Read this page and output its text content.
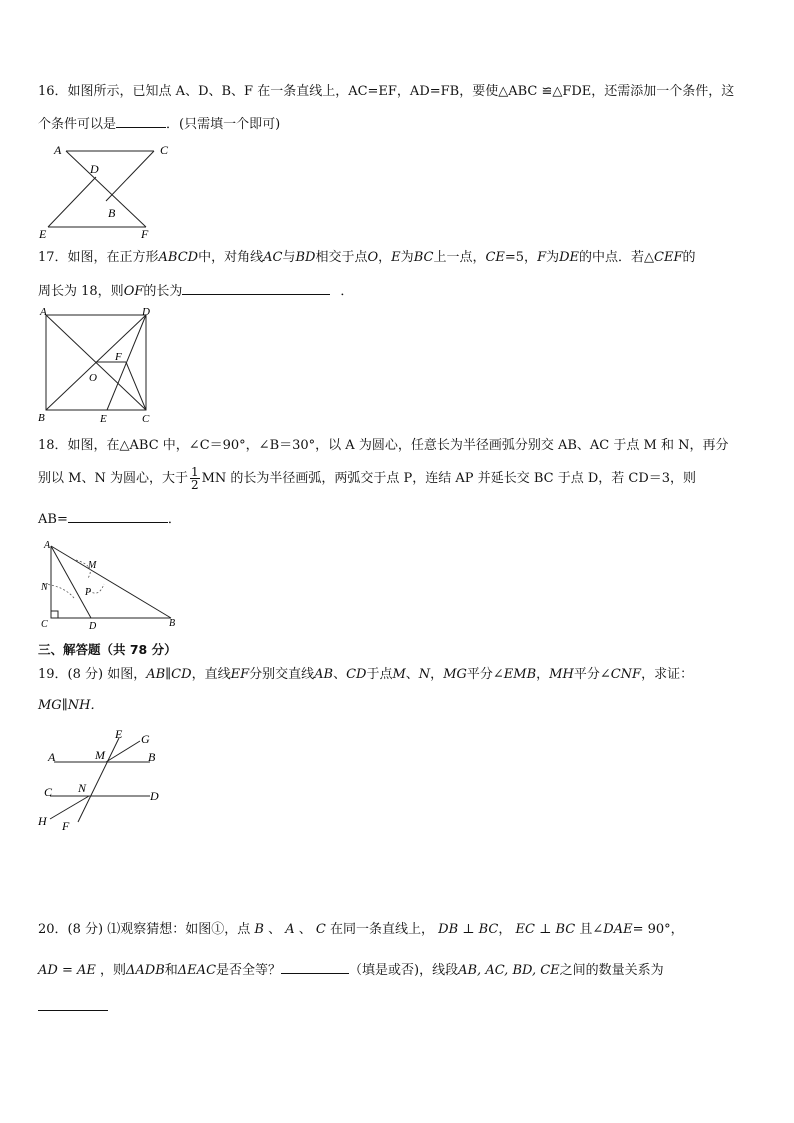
16．如图所示，已知点 A、D、B、F 在一条直线上，AC=EF，AD=FB，要使△ABC ≌△FDE，还需添加一个条件，这
个条件可以是	．(只需填一个即可)
A	C
D
B
E	F
17．如图，在正方形ABCD中，对角线AC与BD相交于点O，E为BC上一点，CE=5，F为DE的中点．若△CEF的
周长为 18，则OF的长为	．
A	D
F
O
B	E	C
18．如图，在△ABC 中，∠C＝90°，∠B＝30°，以 A 为圆心，任意长为半径画弧分别交 AB、AC 于点 M 和 N，再分
别以 M、N 为圆心，大于 $\frac{1}{2}$ MN 的长为半径画弧，两弧交于点 P，连结 AP 并延长交 BC 于点 D，若 CD＝3，则
AB=	．
A
M
N	P
C	D	B
三、解答题（共 78 分）
19．(8 分) 如图，AB∥CD，直线EF分别交直线AB、CD于点M、N，MG平分∠EMB，MH平分∠CNF，求证：
MG∥NH．
E G
A	M	B
C N
D
H F
20．(8 分) ⑴观察猜想：如图①，点 B 、 A 、 C 在同一条直线上， DB ⊥ BC， EC ⊥ BC 且∠DAE= 90°，
AD = AE ，则ΔADB和ΔEAC是否全等？	（填是或否)，线段AB, AC, BD, CE之间的数量关系为
